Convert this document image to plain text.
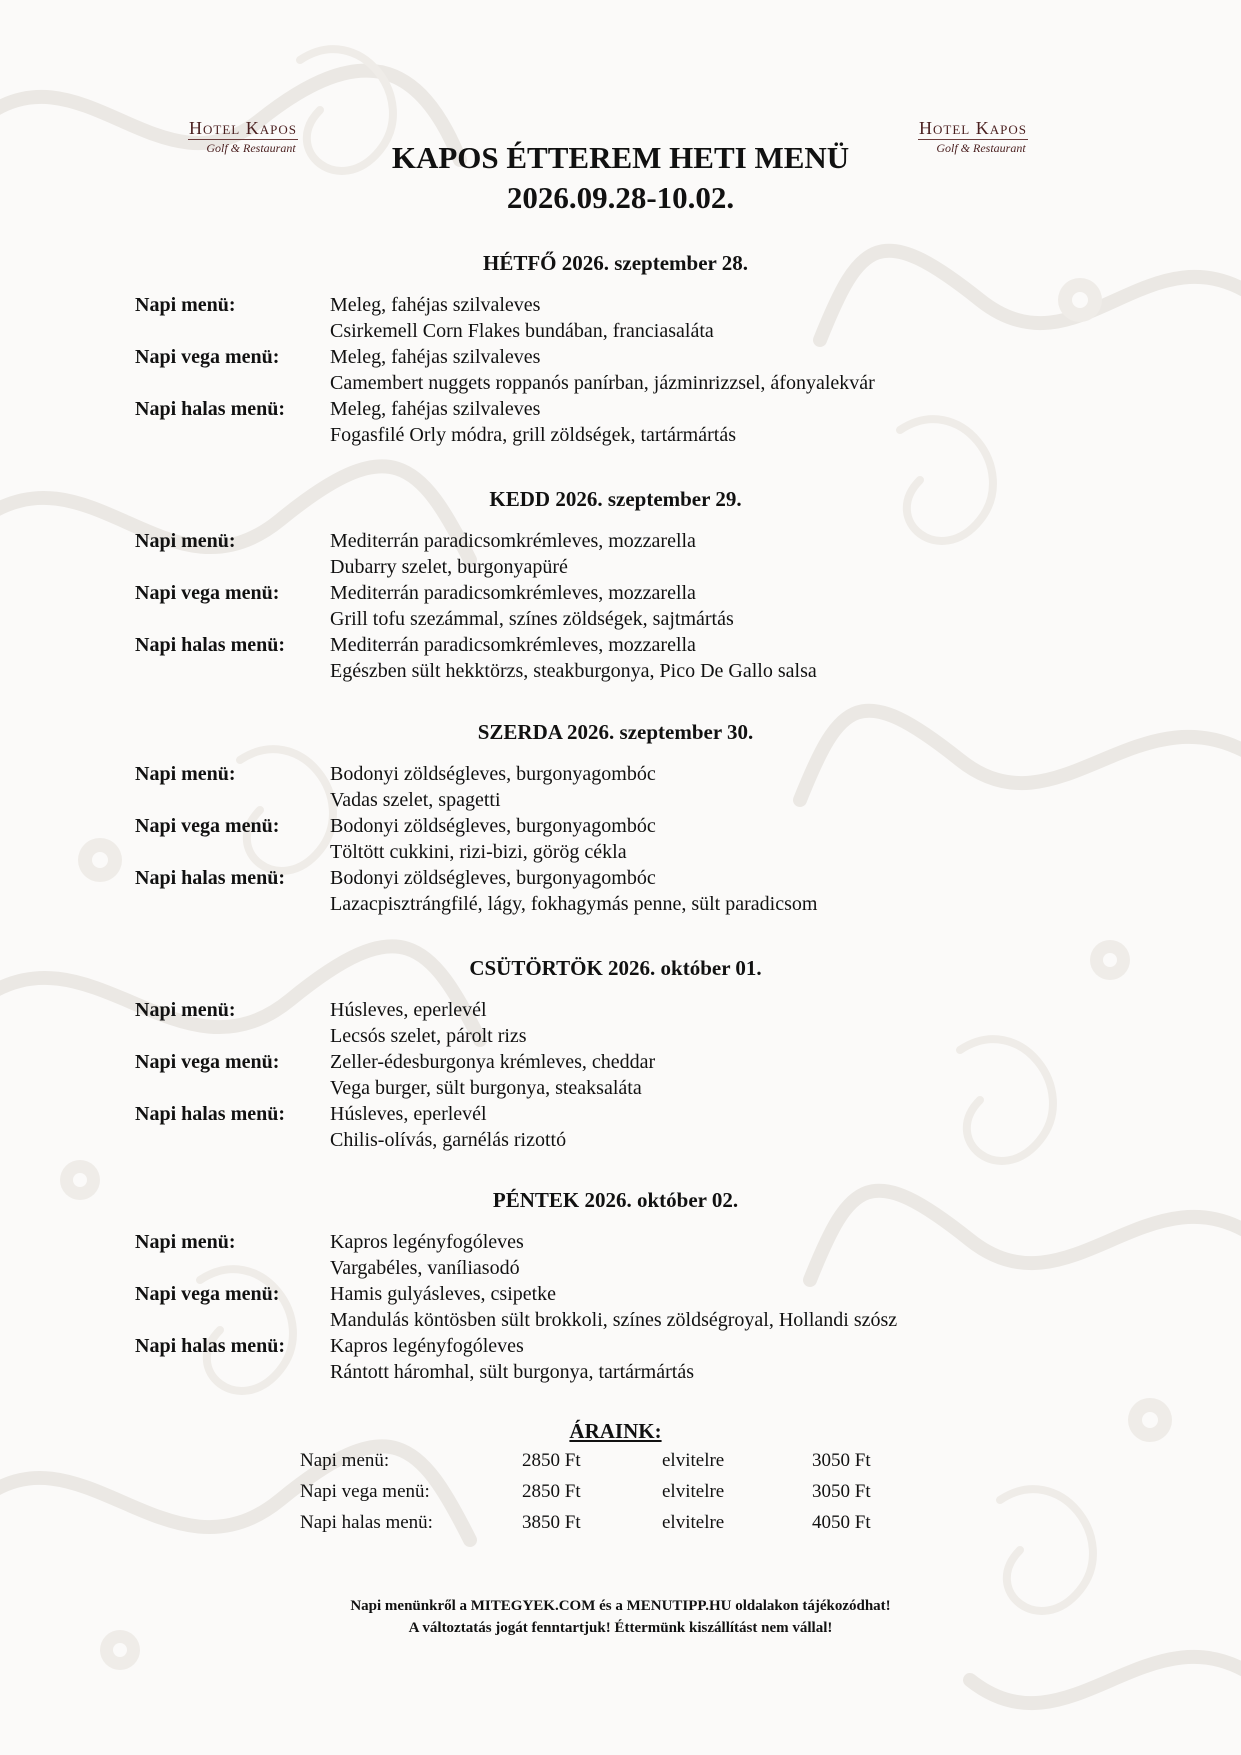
Hotel Kapos
Golf & Restaurant
Hotel Kapos
Golf & Restaurant
KAPOS ÉTTEREM HETI MENÜ
2026.09.28-10.02.
HÉTFŐ 2026. szeptember 28.
Napi menü:	Meleg, fahéjas szilvaleves
Csirkemell Corn Flakes bundában, franciasaláta
Napi vega menü:	Meleg, fahéjas szilvaleves
Camembert nuggets roppanós panírban, jázminrizzsel, áfonyalekvár
Napi halas menü: Meleg, fahéjas szilvaleves
Fogasfilé Orly módra, grill zöldségek, tartármártás
KEDD 2026. szeptember 29.
Napi menü:	Mediterrán paradicsomkrémleves, mozzarella
Dubarry szelet, burgonyapüré
Napi vega menü:	Mediterrán paradicsomkrémleves, mozzarella
Grill tofu szezámmal, színes zöldségek, sajtmártás
Napi halas menü: Mediterrán paradicsomkrémleves, mozzarella
Egészben sült hekktörzs, steakburgonya, Pico De Gallo salsa
SZERDA 2026. szeptember 30.
Napi menü:	Bodonyi zöldségleves, burgonyagombóc
Vadas szelet, spagetti
Napi vega menü:	Bodonyi zöldségleves, burgonyagombóc
Töltött cukkini, rizi-bizi, görög cékla
Napi halas menü: Bodonyi zöldségleves, burgonyagombóc
Lazacpisztrángfilé, lágy, fokhagymás penne, sült paradicsom
CSÜTÖRTÖK 2026. október 01.
Napi menü:	Húsleves, eperlevél
Lecsós szelet, párolt rizs
Napi vega menü:	Zeller-édesburgonya krémleves, cheddar
Vega burger, sült burgonya, steaksaláta
Napi halas menü: Húsleves, eperlevél
Chilis-olívás, garnélás rizottó
PÉNTEK 2026. október 02.
Napi menü:	Kapros legényfogóleves
Vargabéles, vaníliasodó
Napi vega menü:	Hamis gulyásleves, csipetke
Mandulás köntösben sült brokkoli, színes zöldségroyal, Hollandi szósz
Napi halas menü: Kapros legényfogóleves
Rántott háromhal, sült burgonya, tartármártás
ÁRAINK:
Napi menü:	2850 Ft	elvitelre	3050 Ft
Napi vega menü:	2850 Ft	elvitelre	3050 Ft
Napi halas menü:	3850 Ft	elvitelre	4050 Ft
Napi menünkről a MITEGYEK.COM és a MENUTIPP.HU oldalakon tájékozódhat!
A változtatás jogát fenntartjuk! Éttermünk kiszállítást nem vállal!
